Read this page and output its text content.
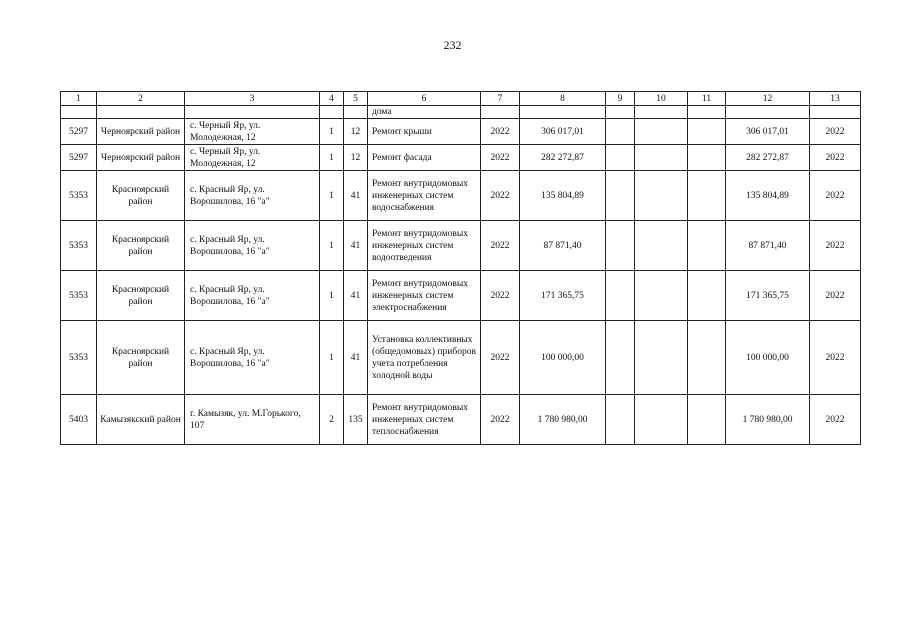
232
1	2	3	4	5	6	7	8	9	10	11	12	13
					дома							
5297	Черноярский район	с. Черный Яр, ул. Молодежная, 12	1	12	Ремонт крыши	2022	306 017,01				306 017,01	2022
5297	Черноярский район	с. Черный Яр, ул. Молодежная, 12	1	12	Ремонт фасада	2022	282 272,87				282 272,87	2022
5353	Красноярский район	с. Красный Яр, ул. Ворошилова, 16 "а"	1	41	Ремонт внутридомовых инженерных систем водоснабжения	2022	135 804,89				135 804,89	2022
5353	Красноярский район	с. Красный Яр, ул. Ворошилова, 16 "а"	1	41	Ремонт внутридомовых инженерных систем водоотведения	2022	87 871,40				87 871,40	2022
5353	Красноярский район	с. Красный Яр, ул. Ворошилова, 16 "а"	1	41	Ремонт внутридомовых инженерных систем электроснабжения	2022	171 365,75				171 365,75	2022
5353	Красноярский район	с. Красный Яр, ул. Ворошилова, 16 "а"	1	41	Установка коллективных (общедомовых) приборов учета потребления холодной воды	2022	100 000,00				100 000,00	2022
5403	Камызякский район	г. Камызяк, ул. М.Горького, 107	2	135	Ремонт внутридомовых инженерных систем теплоснабжения	2022	1 780 980,00				1 780 980,00	2022
